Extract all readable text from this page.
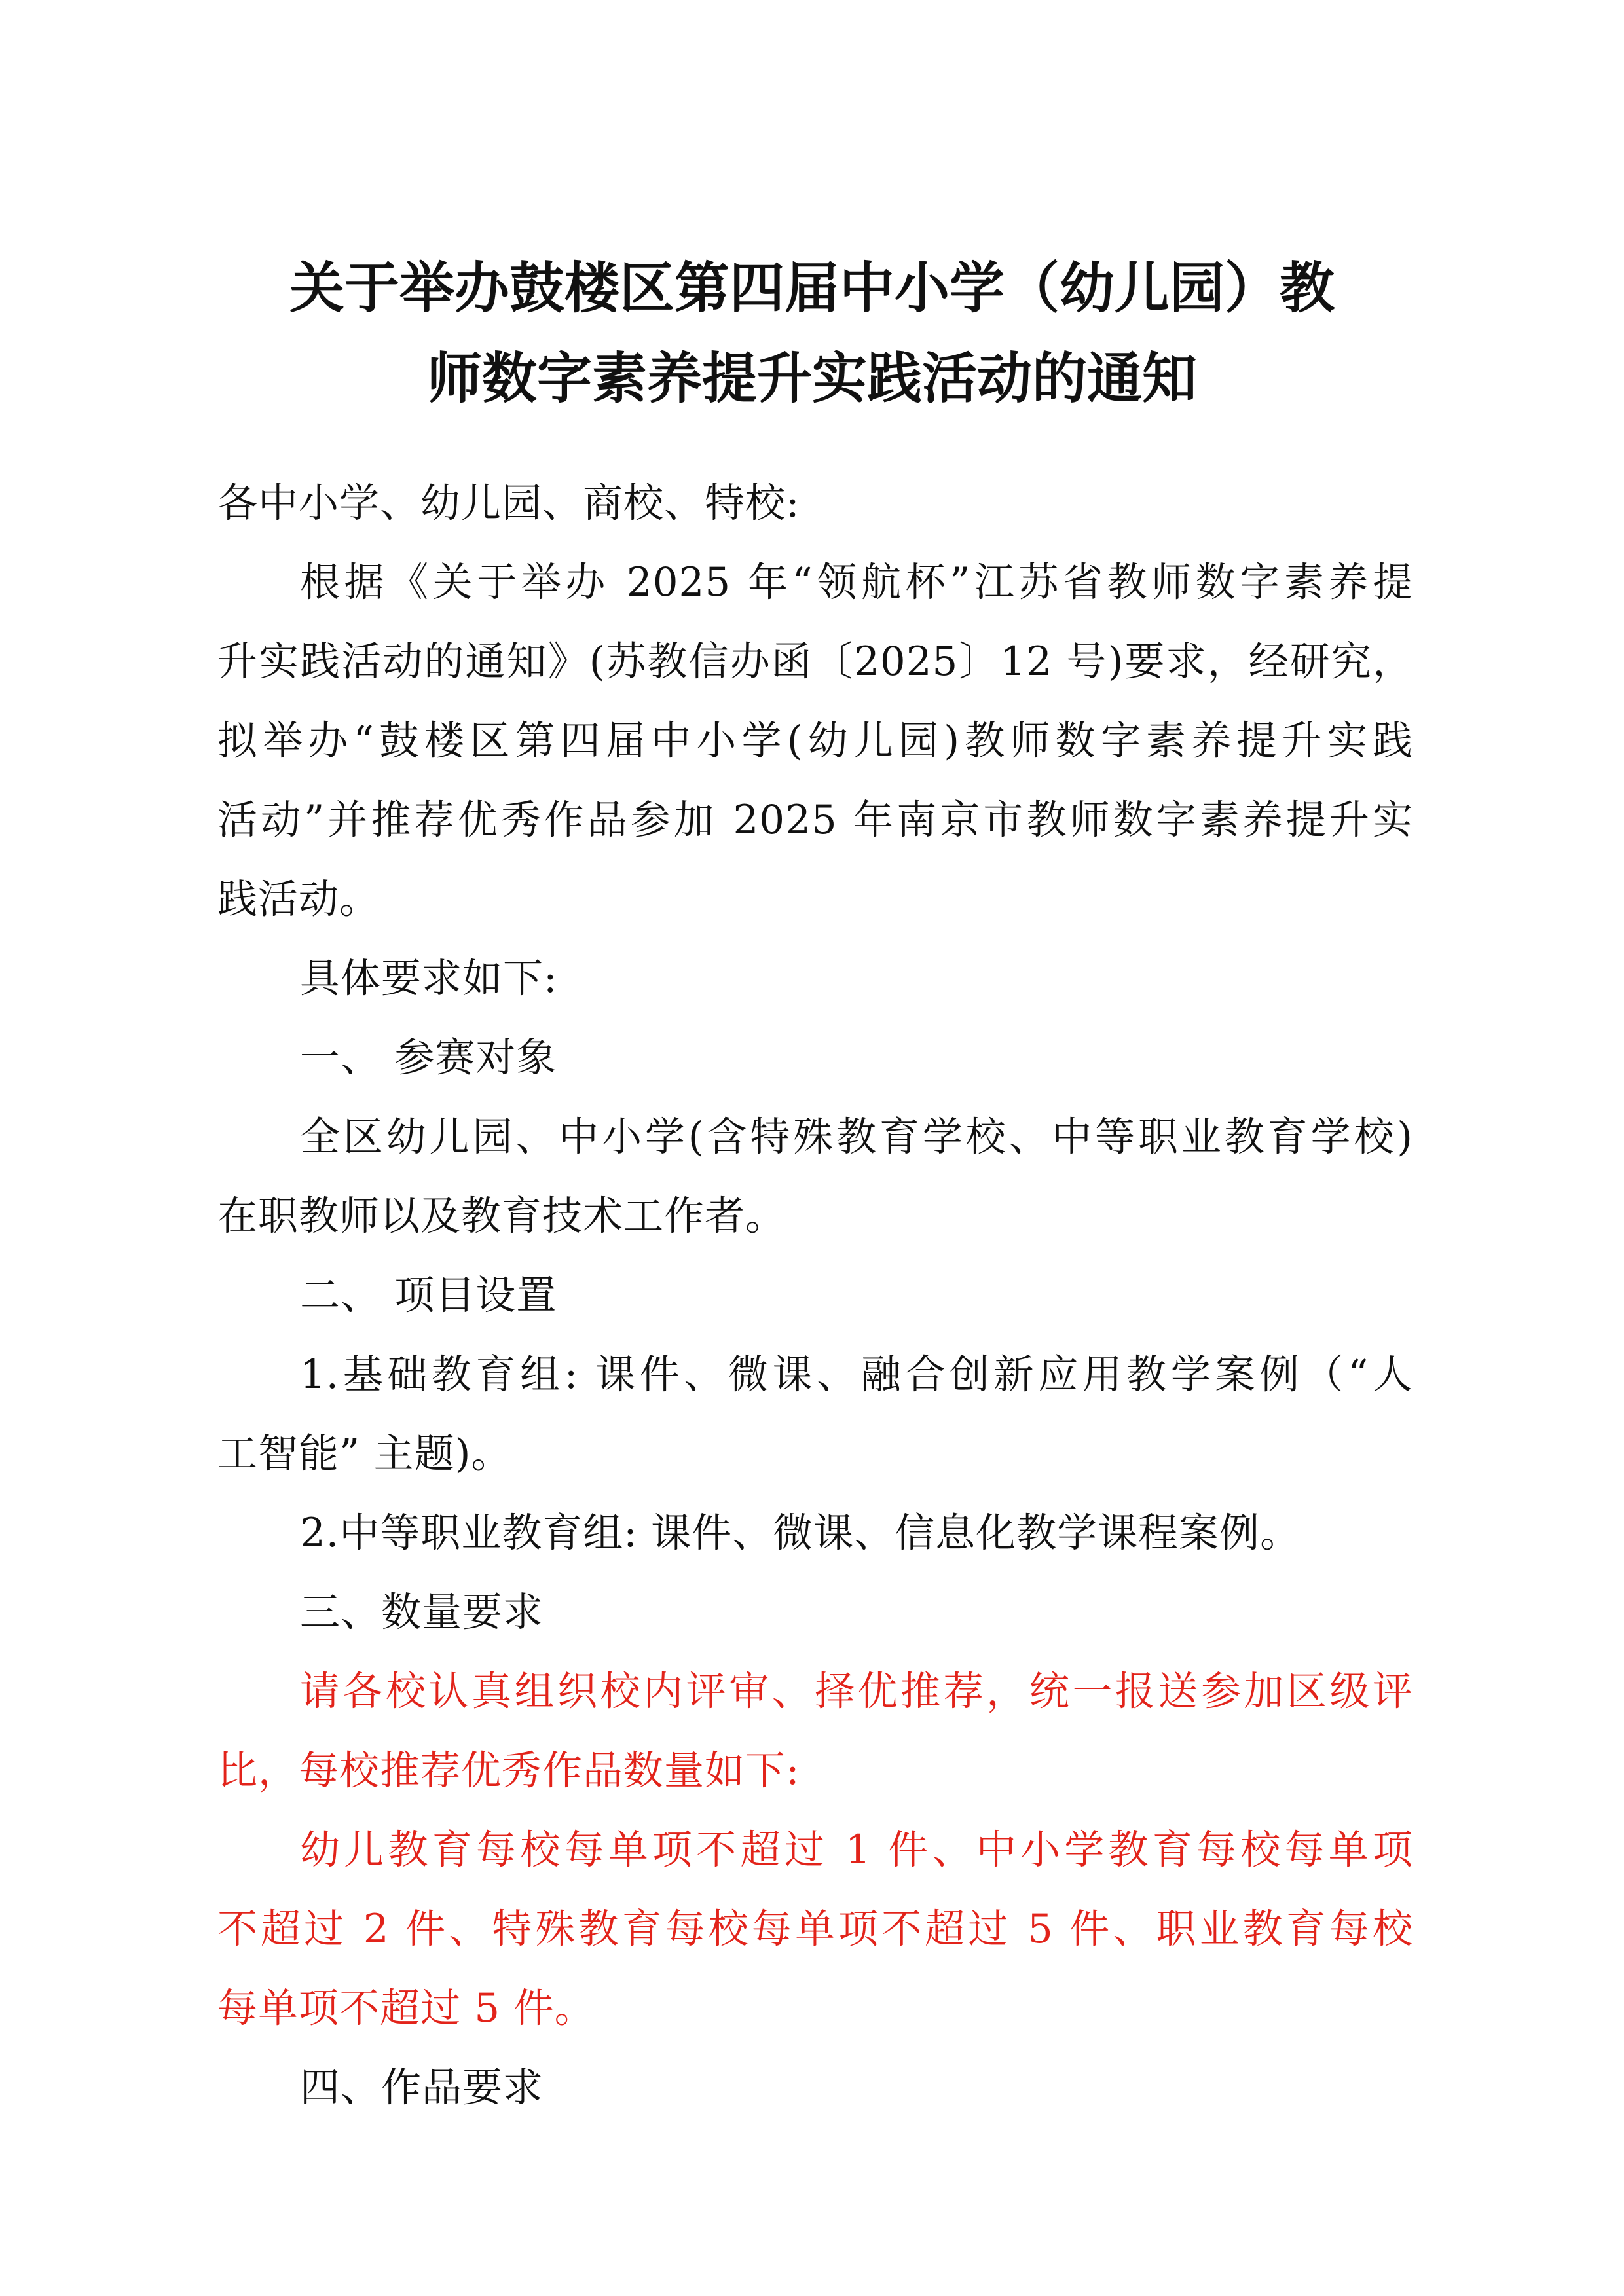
关于举办鼓楼区第四届中小学（幼儿园）教
师数字素养提升实践活动的通知
各中小学、幼儿园、商校、特校:
根据《关于举办 2025 年“领航杯”江苏省教师数字素养提
升实践活动的通知》(苏教信办函〔2025〕12 号)要求，经研究，
拟举办“鼓楼区第四届中小学(幼儿园)教师数字素养提升实践
活动”并推荐优秀作品参加 2025 年南京市教师数字素养提升实
践活动。
具体要求如下:
一、 参赛对象
全区幼儿园、中小学(含特殊教育学校、中等职业教育学校)
在职教师以及教育技术工作者。
二、 项目设置
1.基础教育组: 课件、微课、融合创新应用教学案例（“人
工智能” 主题)。
2.中等职业教育组: 课件、微课、信息化教学课程案例。
三、数量要求
请各校认真组织校内评审、择优推荐，统一报送参加区级评
比，每校推荐优秀作品数量如下:
幼儿教育每校每单项不超过 1 件、中小学教育每校每单项
不超过 2 件、特殊教育每校每单项不超过 5 件、职业教育每校
每单项不超过 5 件。
四、作品要求
